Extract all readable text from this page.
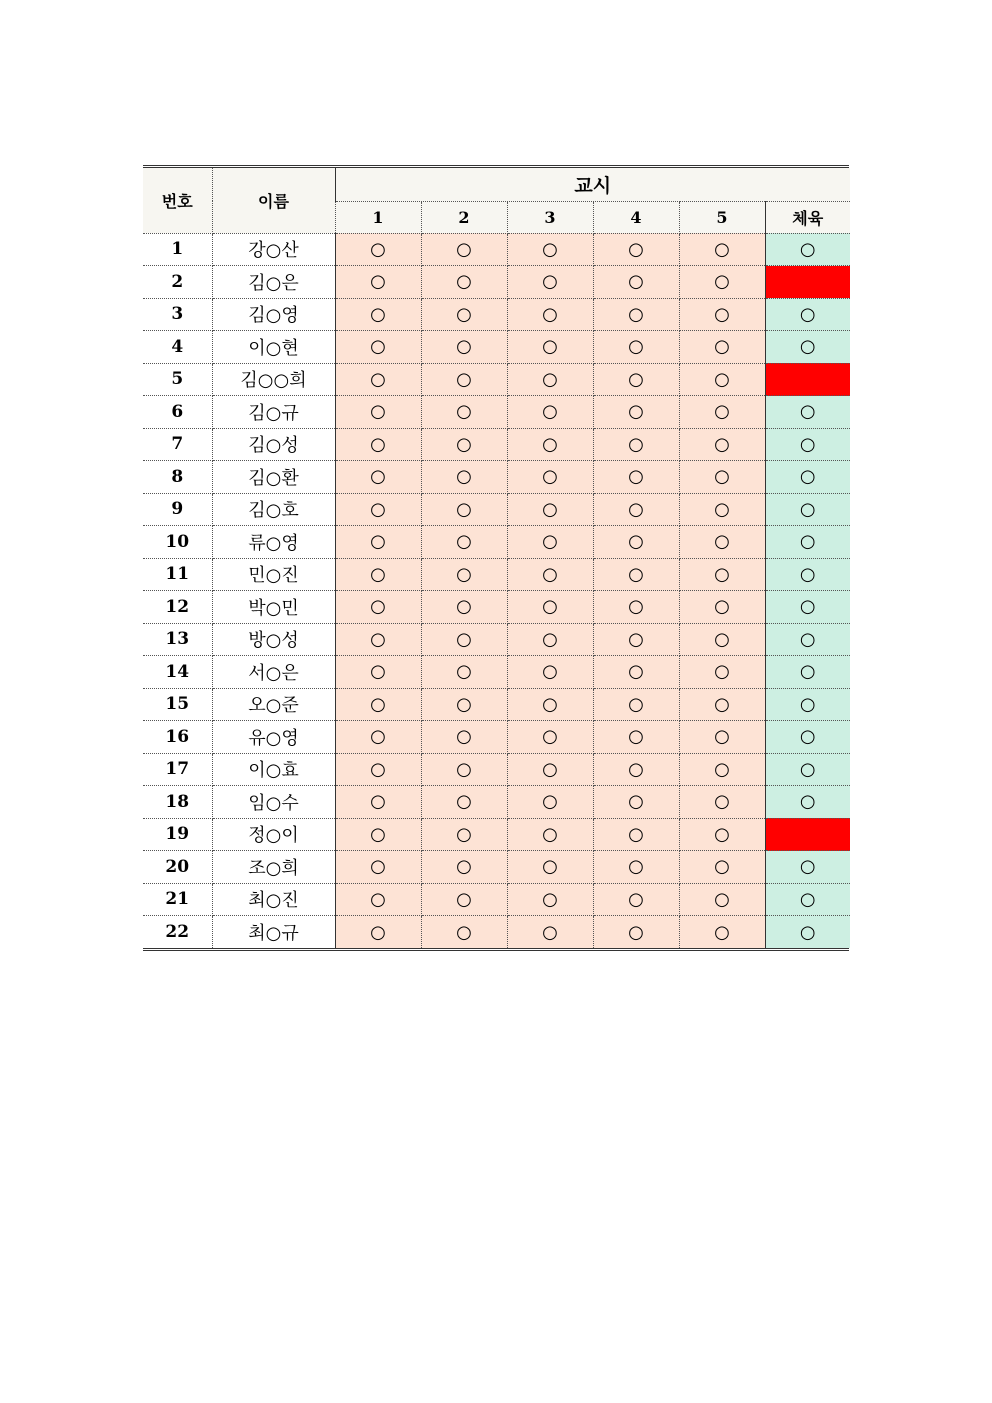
번호	이름	교시					
		1	2	3	4	5	체육
1	강○산	○	○	○	○	○	○
2	김○은	○	○	○	○	○	
3	김○영	○	○	○	○	○	○
4	이○현	○	○	○	○	○	○
5	김○○희	○	○	○	○	○	
6	김○규	○	○	○	○	○	○
7	김○성	○	○	○	○	○	○
8	김○환	○	○	○	○	○	○
9	김○호	○	○	○	○	○	○
10	류○영	○	○	○	○	○	○
11	민○진	○	○	○	○	○	○
12	박○민	○	○	○	○	○	○
13	방○성	○	○	○	○	○	○
14	서○은	○	○	○	○	○	○
15	오○준	○	○	○	○	○	○
16	유○영	○	○	○	○	○	○
17	이○효	○	○	○	○	○	○
18	임○수	○	○	○	○	○	○
19	정○이	○	○	○	○	○	
20	조○희	○	○	○	○	○	○
21	최○진	○	○	○	○	○	○
22	최○규	○	○	○	○	○	○
